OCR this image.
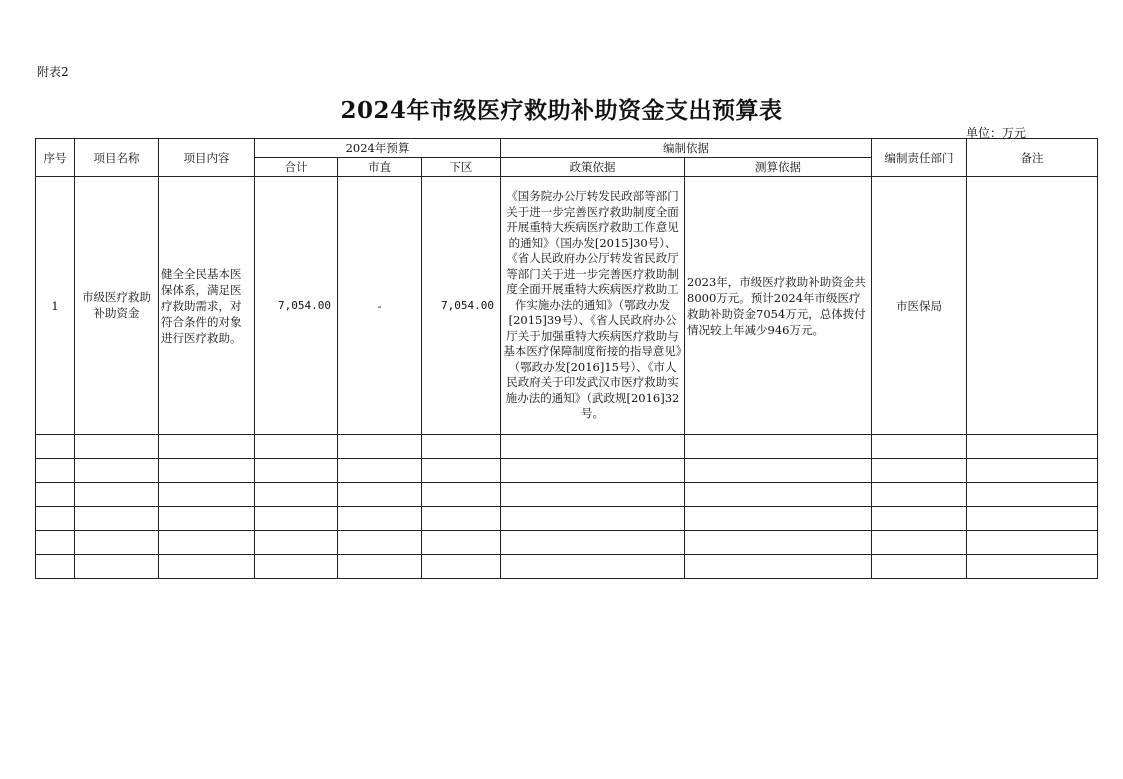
附表2
2024年市级医疗救助补助资金支出预算表
单位：万元
序号	项目名称	项目内容	2024年预算			编制依据		编制责任部门	备注
			合计	市直	下区	政策依据	测算依据		
1	市级医疗救助补助资金	健全全民基本医保体系，满足医疗救助需求，对符合条件的对象进行医疗救助。	7,054.00	-	7,054.00	《国务院办公厅转发民政部等部门关于进一步完善医疗救助制度全面开展重特大疾病医疗救助工作意见的通知》（国办发[2015]30号）、《省人民政府办公厅转发省民政厅等部门关于进一步完善医疗救助制度全面开展重特大疾病医疗救助工作实施办法的通知》（鄂政办发[2015]39号）、《省人民政府办公厅关于加强重特大疾病医疗救助与基本医疗保障制度衔接的指导意见》（鄂政办发[2016]15号）、《市人民政府关于印发武汉市医疗救助实施办法的通知》（武政规[2016]32号。	2023年，市级医疗救助补助资金共8000万元。预计2024年市级医疗救助补助资金7054万元，总体拨付情况较上年减少946万元。	市医保局	
